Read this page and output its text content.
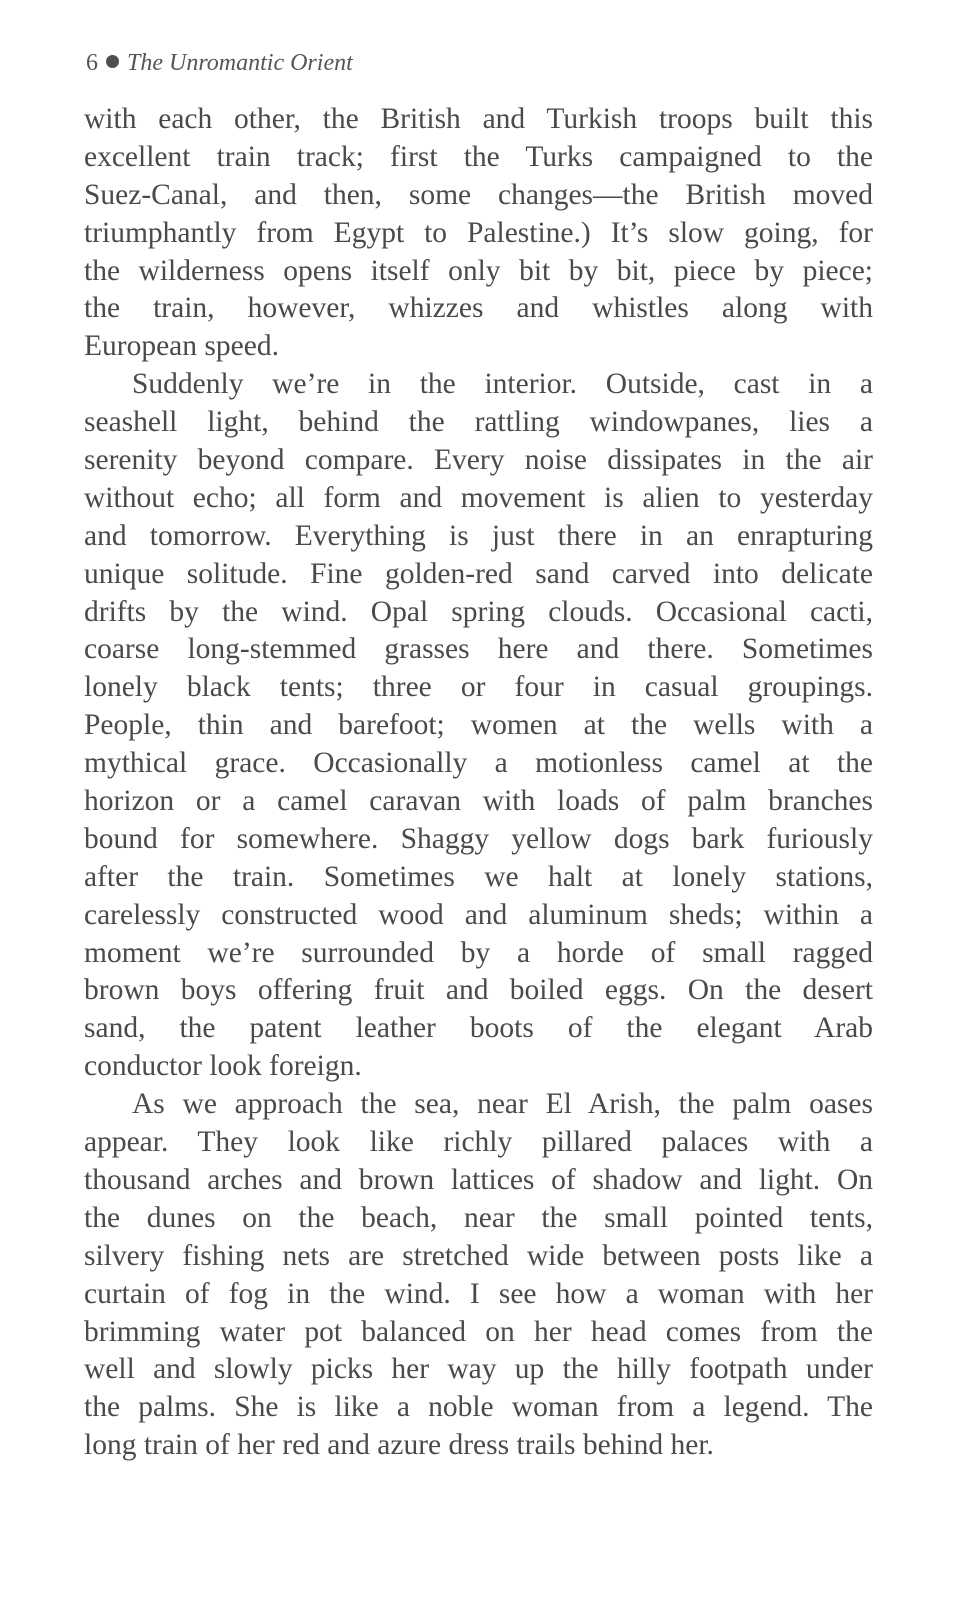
6 The Unromantic Orient
with each other, the British and Turkish troops built this
excellent train track; first the Turks campaigned to the
Suez-Canal, and then, some changes—the British moved
triumphantly from Egypt to Palestine.) It’s slow going, for
the wilderness opens itself only bit by bit, piece by piece;
the train, however, whizzes and whistles along with
European speed.
Suddenly we’re in the interior. Outside, cast in a
seashell light, behind the rattling windowpanes, lies a
serenity beyond compare. Every noise dissipates in the air
without echo; all form and movement is alien to yesterday
and tomorrow. Everything is just there in an enrapturing
unique solitude. Fine golden-red sand carved into delicate
drifts by the wind. Opal spring clouds. Occasional cacti,
coarse long-stemmed grasses here and there. Sometimes
lonely black tents; three or four in casual groupings.
People, thin and barefoot; women at the wells with a
mythical grace. Occasionally a motionless camel at the
horizon or a camel caravan with loads of palm branches
bound for somewhere. Shaggy yellow dogs bark furiously
after the train. Sometimes we halt at lonely stations,
carelessly constructed wood and aluminum sheds; within a
moment we’re surrounded by a horde of small ragged
brown boys offering fruit and boiled eggs. On the desert
sand, the patent leather boots of the elegant Arab
conductor look foreign.
As we approach the sea, near El Arish, the palm oases
appear. They look like richly pillared palaces with a
thousand arches and brown lattices of shadow and light. On
the dunes on the beach, near the small pointed tents,
silvery fishing nets are stretched wide between posts like a
curtain of fog in the wind. I see how a woman with her
brimming water pot balanced on her head comes from the
well and slowly picks her way up the hilly footpath under
the palms. She is like a noble woman from a legend. The
long train of her red and azure dress trails behind her.
